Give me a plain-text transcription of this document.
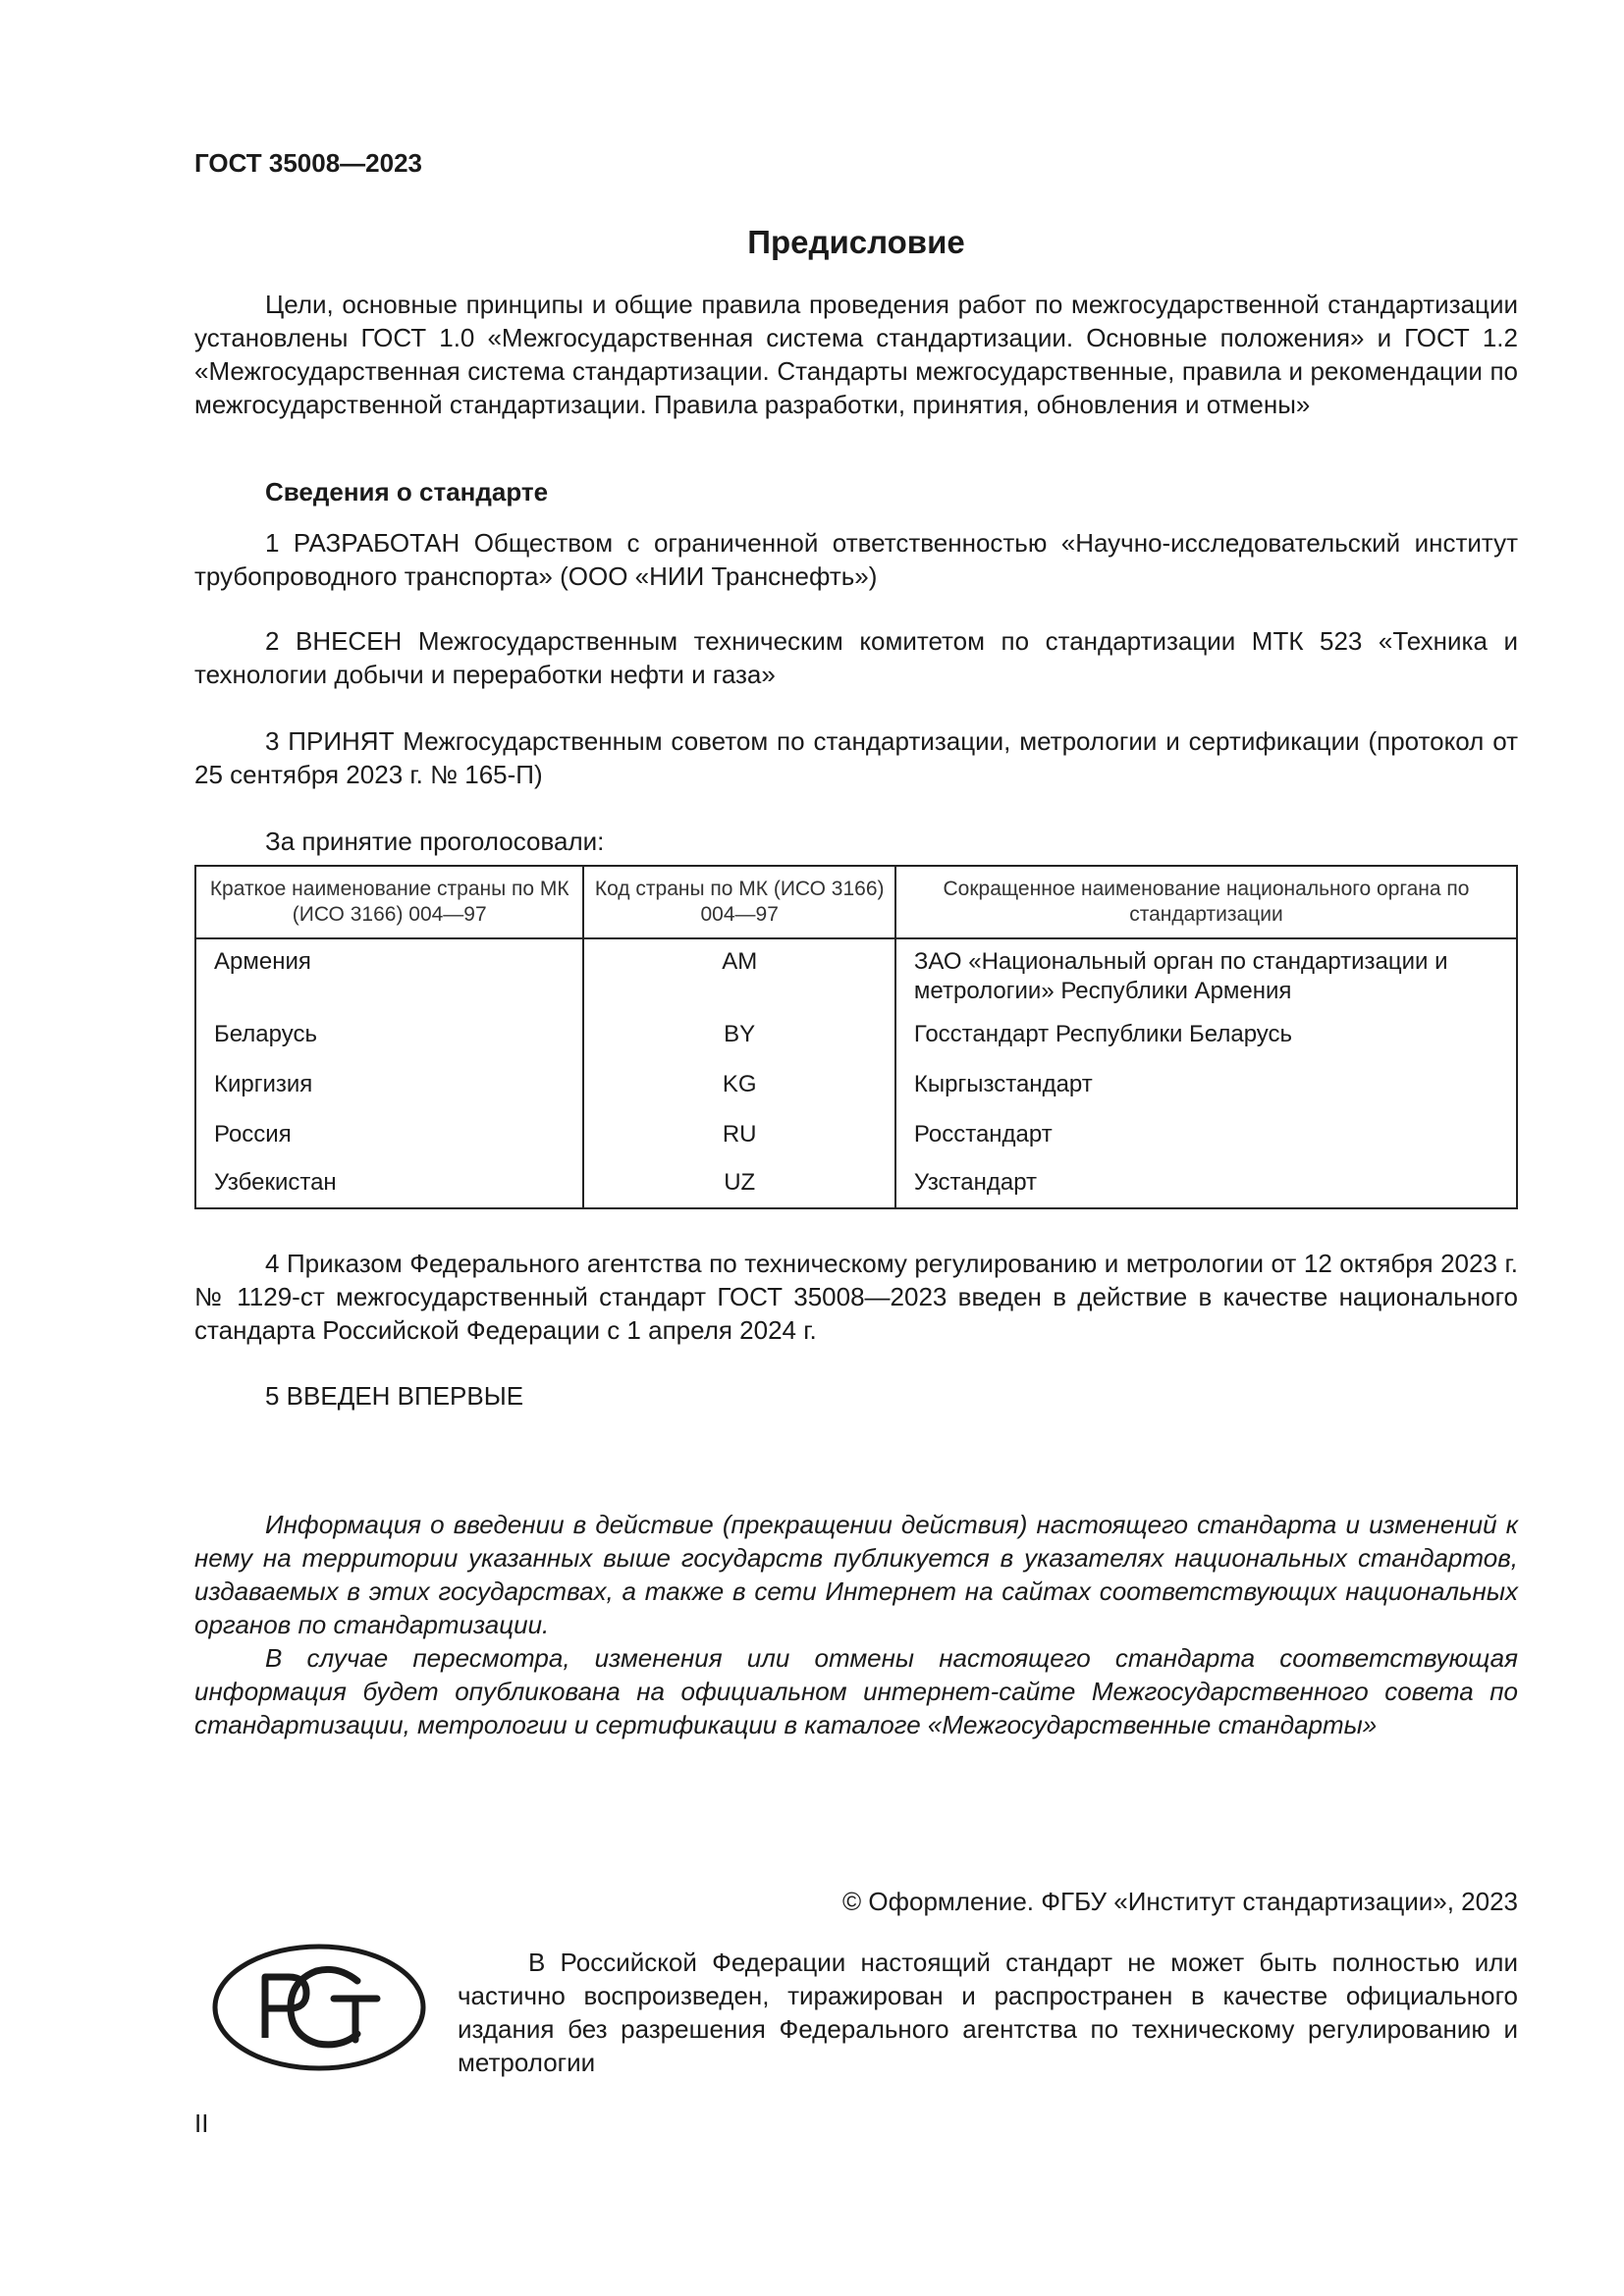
ГОСТ 35008—2023

Предисловие

Цели, основные принципы и общие правила проведения работ по межгосударственной стандартизации установлены ГОСТ 1.0 «Межгосударственная система стандартизации. Основные положения» и ГОСТ 1.2 «Межгосударственная система стандартизации. Стандарты межгосударственные, правила и рекомендации по межгосударственной стандартизации. Правила разработки, принятия, обновления и отмены»

Сведения о стандарте

1 РАЗРАБОТАН Обществом с ограниченной ответственностью «Научно-исследовательский институт трубопроводного транспорта» (ООО «НИИ Транснефть»)

2 ВНЕСЕН Межгосударственным техническим комитетом по стандартизации МТК 523 «Техника и технологии добычи и переработки нефти и газа»

3 ПРИНЯТ Межгосударственным советом по стандартизации, метрологии и сертификации (протокол от 25 сентября 2023 г. № 165-П)

За принятие проголосовали:

Краткое наименование страны по МК (ИСО 3166) 004—97	Код страны по МК (ИСО 3166) 004—97	Сокращенное наименование национального органа по стандартизации
Армения	AM	ЗАО «Национальный орган по стандартизации и метрологии» Республики Армения
Беларусь	BY	Госстандарт Республики Беларусь
Киргизия	KG	Кыргызстандарт
Россия	RU	Росстандарт
Узбекистан	UZ	Узстандарт

4 Приказом Федерального агентства по техническому регулированию и метрологии от 12 октября 2023 г. № 1129-ст межгосударственный стандарт ГОСТ 35008—2023 введен в действие в качестве национального стандарта Российской Федерации с 1 апреля 2024 г.

5 ВВЕДЕН ВПЕРВЫЕ

Информация о введении в действие (прекращении действия) настоящего стандарта и изменений к нему на территории указанных выше государств публикуется в указателях национальных стандартов, издаваемых в этих государствах, а также в сети Интернет на сайтах соответствующих национальных органов по стандартизации.

В случае пересмотра, изменения или отмены настоящего стандарта соответствующая информация будет опубликована на официальном интернет-сайте Межгосударственного совета по стандартизации, метрологии и сертификации в каталоге «Межгосударственные стандарты»

© Оформление. ФГБУ «Институт стандартизации», 2023

В Российской Федерации настоящий стандарт не может быть полностью или частично воспроизведен, тиражирован и распространен в качестве официального издания без разрешения Федерального агентства по техническому регулированию и метрологии

II
